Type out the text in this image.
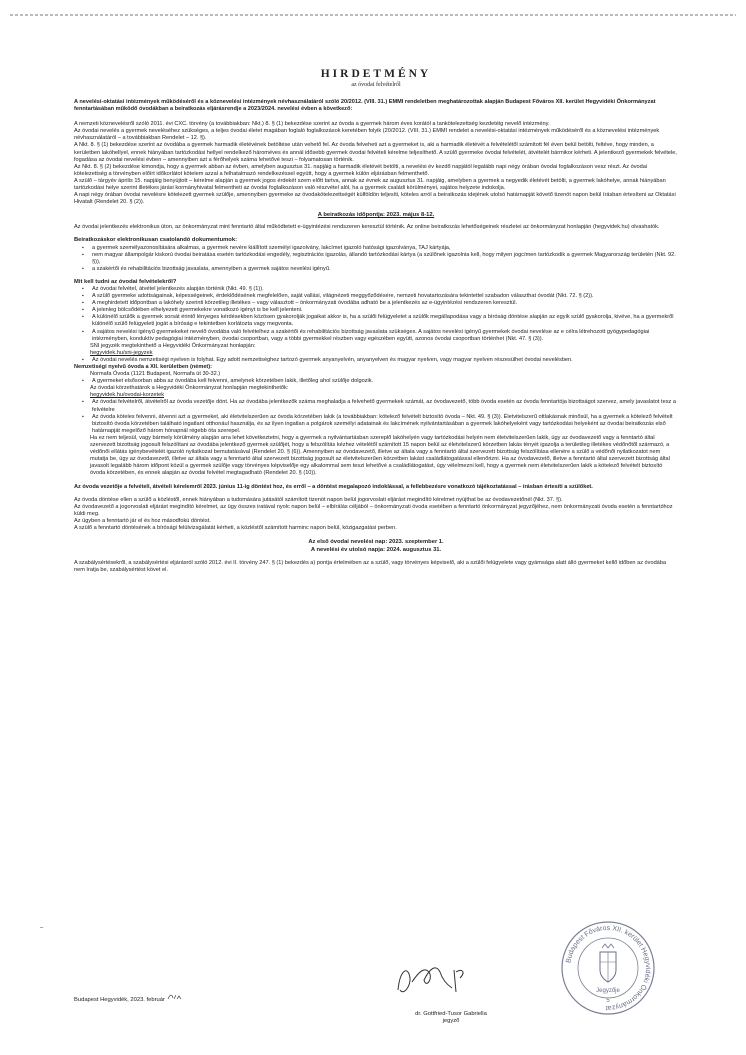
HIRDETMÉNY
az óvodai felvételről

A nevelési-oktatási intézmények működéséről és a köznevelési intézmények névhasználatáról szóló 20/2012. (VIII. 31.) EMMI rendeletben meghatározottak alapján Budapest Főváros XII. kerület Hegyvidéki Önkormányzat fenntartásában működő óvodákban a beiratkozás eljárásrendje a 2023/2024. nevelési évben a következő:

A nemzeti köznevelésről szóló 2011. évi CXC. törvény (a továbbiakban: Nkt.) 8. § (1) bekezdése szerint az óvoda a gyermek három éves korától a tankötelezettség kezdetéig nevelő intézmény.

Az óvodai nevelés a gyermek neveléséhez szükséges, a teljes óvodai életet magában foglaló foglalkozások keretében folyik (20/2012. (VIII. 31.) EMMI rendelet a nevelési-oktatási intézmények működéséről és a köznevelési intézmények névhasználatáról – a továbbiakban Rendelet – 12. §).

A Nkt. 8. § (1) bekezdése szerint az óvodába a gyermek harmadik életévének betöltése után vehető fel. Az óvoda felveheti azt a gyermeket is, aki a harmadik életévét a felvételétől számított fél éven belül betölti, feltéve, hogy minden, a kerületben lakóhellyel, ennek hiányában tartózkodási hellyel rendelkező hároméves és annál idősebb gyermek óvodai felvételi kérelme teljesíthető. A szülő gyermeke óvodai felvételét, átvételét bármikor kérheti. A jelentkező gyermekek felvétele, fogadása az óvodai nevelési évben – amennyiben azt a férőhelyek száma lehetővé teszi – folyamatosan történik.

Az Nkt. 8. § (2) bekezdése kimondja, hogy a gyermek abban az évben, amelyben augusztus 31. napjáig a harmadik életévét betölti, a nevelési év kezdő napjától legalább napi négy órában óvodai foglalkozáson vesz részt. Az óvodai kötelezettség a törvényben előírt időkorlátot kötelem azzal a felhatalmazó rendelkezéssel együtt, hogy a gyermek külön eljárásban felmenthető.

A szülő – tárgyév április 15. napjáig benyújtott – kérelme alapján a gyermek jogos érdekét szem előtt tartva, annak az évnek az augusztus 31. napjáig, amelyben a gyermek a negyedik életévét betölti, a gyermek lakóhelye, annak hiányában tartózkodási helye szerint illetékes járási kormányhivatal felmentheti az óvodai foglalkozáson való részvétel alól, ha a gyermek családi körülményei, sajátos helyzete indokolja.

A napi négy órában óvodai nevelésre kötelezett gyermek szülője, amennyiben gyermeke az óvodakötelezettségét külföldön teljesíti, köteles arról a beiratkozás idejének utolsó határnapját követő tizenöt napon belül írásban értesíteni az Oktatási Hivatalt (Rendelet 20. § (2)).

A beiratkozás időpontja: 2023. május 8-12.

Az óvodai jelentkezés elektronikus úton, az önkormányzat mint fenntartó által működtetett e-ügyintézési rendszeren keresztül történik. Az online beiratkozás lehetőségeinek részletei az önkormányzat honlapján (hegyvidek.hu) olvashatók.

Beiratkozáskor elektronikusan csatolandó dokumentumok:

▪ a gyermek személyazonosítására alkalmas, a gyermek nevére kiállított személyi igazolvány, lakcímet igazoló hatósági igazolványa, TAJ kártyája,
▪ nem magyar állampolgár kiskorú óvodai beiratása esetén tartózkodási engedély, regisztrációs igazolás, állandó tartózkodási kártya (a szülőnek igazolnia kell, hogy milyen jogcímen tartózkodik a gyermek Magyarország területén (Nkt. 92. §)),
▪ a szakértői és rehabilitációs bizottság javaslata, amennyiben a gyermek sajátos nevelési igényű.

Mit kell tudni az óvodai felvételekről?

▪ Az óvodai felvétel, átvétel jelentkezés alapján történik (Nkt. 49. § (1)).
▪ A szülő gyermeke adottságainak, képességeinek, érdeklődésének megfelelően, saját vallási, világnézeti meggyőződésére, nemzeti hovatartozására tekintettel szabadon választhat óvodát (Nkt. 72. § (2)).
▪ A meghirdetett időpontban a lakóhely szerinti körzetileg illetékes – vagy választott – önkormányzati óvodába adható be a jelentkezés az e-ügyintézési rendszeren keresztül.
▪ A jelenleg bölcsődében elhelyezett gyermekekre vonatkozó igényt is be kell jelenteni.
▪ A különélő szülők a gyermek sorsát érintő lényeges kérdésekben közösen gyakorolják jogaikat akkor is, ha a szülői felügyeletet a szülők megállapodása vagy a bíróság döntése alapján az egyik szülő gyakorolja, kivéve, ha a gyermekről különélő szülő felügyeleti jogát a bíróság e tekintetben korlátozta vagy megvonta.
▪ A sajátos nevelési igényű gyermekeket nevelő óvodába való felvételhez a szakértői és rehabilitációs bizottság javaslata szükséges. A sajátos nevelési igényű gyermekek óvodai nevelése az e célra létrehozott gyógypedagógiai intézményben, konduktív pedagógiai intézményben, óvodai csoportban, vagy a többi gyermekkel részben vagy egészében együtt, azonos óvodai csoportban történhet (Nkt. 47. § (3)).
SNI jegyzék megtekinthető a Hegyvidéki Önkormányzat honlapján:
hegyvidek.hu/sni-jegyzek
▪ Az óvodai nevelés nemzetiségi nyelven is folyhat. Egy adott nemzetiséghez tartozó gyermek anyanyelvén, anyanyelven és magyar nyelven, vagy magyar nyelven részesülhet óvodai nevelésben.
Nemzetiségi nyelvű óvoda a XII. kerületben (német):
Normafa Óvoda (1121 Budapest, Normafa út 30-32.)
▪ A gyermeket elsősorban abba az óvodába kell felvenni, amelynek körzetében lakik, illetőleg ahol szülője dolgozik.
Az óvodai körzethatárok a Hegyvidéki Önkormányzat honlapján megtekinthetők:
hegyvidek.hu/ovodai-korzetek
▪ Az óvodai felvételről, átvételről az óvoda vezetője dönt. Ha az óvodába jelentkezők száma meghaladja a felvehető gyermekek számát, az óvodavezető, több óvoda esetén az óvoda fenntartója bizottságot szervez, amely javaslatot tesz a felvételre
▪ Az óvoda köteles felvenni, átvenni azt a gyermeket, aki életvitelszerűen az óvoda körzetében lakik (a továbbiakban: kötelező felvételt biztosító óvoda – Nkt. 49. § (3)). Életvitelszerű ottlakásnak minősül, ha a gyermek a kötelező felvételt biztosító óvoda körzetében található ingatlant otthonául használja, és az ilyen ingatlan a polgárok személyi adatainak és lakcímének nyilvántartásában a gyermek lakóhelyeként vagy tartózkodási helyeként az óvodai beiratkozás első határnapját megelőző három hónapnál régebb óta szerepel.

Ha ez nem teljesül, vagy bármely körülmény alapján arra lehet következtetni, hogy a gyermek a nyilvántartásban szereplő lakóhelyén vagy tartózkodási helyén nem életvitelszerűen lakik, úgy az óvodavezető vagy a fenntartó által szervezett bizottság jogosult felszólítani az óvodába jelentkező gyermek szülőjét, hogy a felszólítás kézhez vételétől számított 15 napon belül az életvitelszerű körzetben lakás tényét igazolja a területileg illetékes védőnőtől származó, a védőnői ellátás igénybevételét igazoló nyilatkozat bemutatásával (Rendelet 20. § (6)). Amennyiben az óvodavezető, illetve az általa vagy a fenntartó által szervezett bizottság felszólítása ellenére a szülő a védőnői nyilatkozatot nem mutatja be, úgy az óvodavezető, illetve az általa vagy a fenntartó által szervezett bizottság jogosult az életvitelszerűen körzetben lakást családlátogatással ellenőrizni. Ha az óvodavezető, illetve a fenntartó által szervezett bizottság által javasolt legalább három időpont közül a gyermek szülője vagy törvényes képviselője egy alkalommal sem teszi lehetővé a családlátogatást, úgy vélelmezni kell, hogy a gyermek nem életvitelszerűen lakik a kötelező felvételt biztosító óvoda körzetében, és ennek alapján az óvodai felvétel megtagadható (Rendelet 20. § (10)).

Az óvoda vezetője a felvételi, átvételi kérelemről 2023. június 11-ig döntést hoz, és erről – a döntést megalapozó indoklással, a fellebbezésre vonatkozó tájékoztatással – írásban értesíti a szülőket.

Az óvoda döntése ellen a szülő a közléstől, ennek hiányában a tudomására jutásától számított tizenöt napon belül jogorvoslati eljárást megindító kérelmet nyújthat be az óvodavezetőnél (Nkt. 37. §).

Az óvodavezető a jogorvoslati eljárást megindító kérelmet, az ügy összes iratával nyolc napon belül – elbírálás céljából – önkormányzati óvoda esetében a fenntartó önkormányzat jegyzőjéhez, nem önkormányzati óvoda esetén a fenntartóhoz küldi meg.

Az ügyben a fenntartó jár el és hoz másodfokú döntést.

A szülő a fenntartó döntésének a bírósági felülvizsgálatát kérheti, a közléstől számított harminc napon belül, közigazgatási perben.

Az első óvodai nevelési nap: 2023. szeptember 1.
A nevelési év utolsó napja: 2024. augusztus 31.

A szabálysértésekről, a szabálysértési eljárásról szóló 2012. évi II. törvény 247. § (1) bekezdés a) pontja értelmében az a szülő, vagy törvényes képviselő, aki a szülői felügyelete vagy gyámsága alatt álló gyermeket kellő időben az óvodába nem íratja be, szabálysértést követ el.

–
Budapest Hegyvidék, 2023. február
dr. Gottfried-Tusor Gabriella
jegyző
Budapest Főváros XII. kerület Hegyvidéki Önkormányzat
Jegyzője
5
